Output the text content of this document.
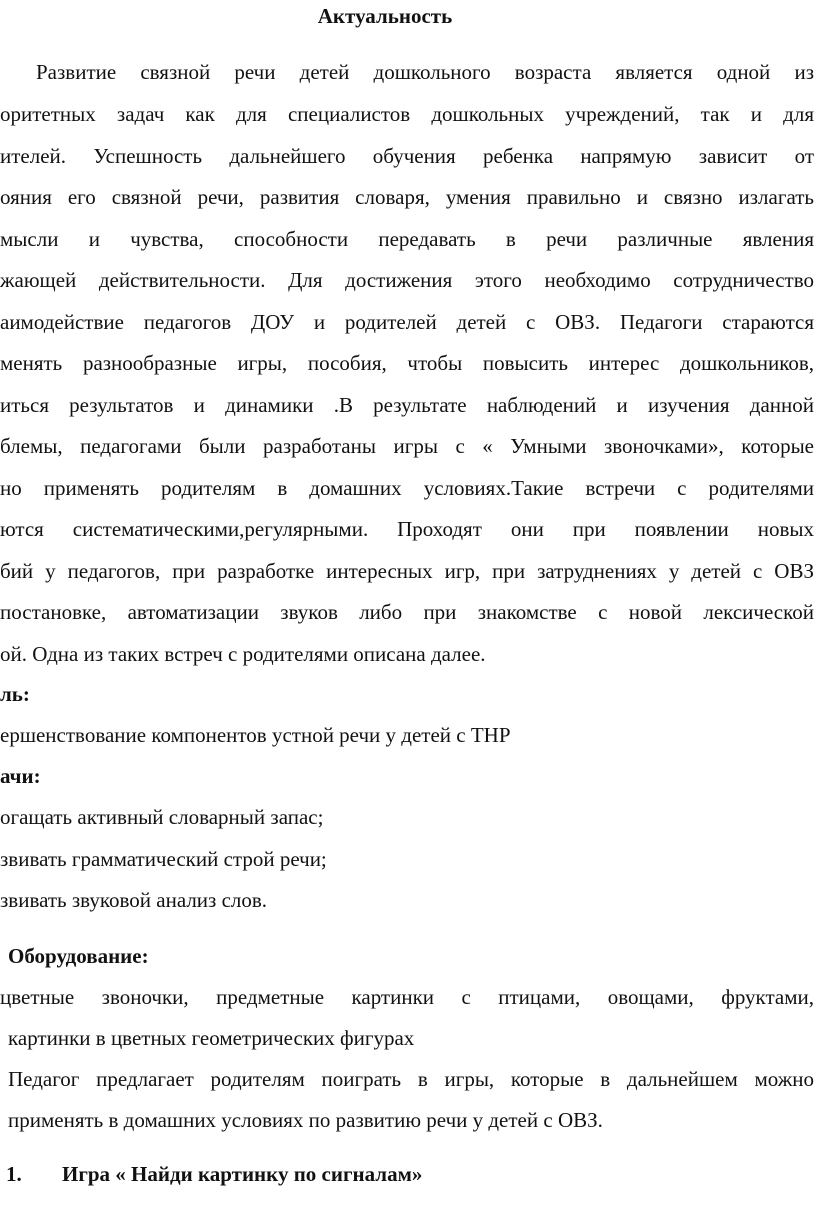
Актуальность
Развитие связной речи детей дошкольного возраста является одной из
оритетных задач как для специалистов дошкольных учреждений, так и для
ителей. Успешность дальнейшего обучения ребенка напрямую зависит от
ояния его связной речи, развития словаря, умения правильно и связно излагать
мысли и чувства, способности передавать в речи различные явления
жающей действительности. Для достижения этого необходимо сотрудничество
аимодействие педагогов ДОУ и родителей детей с ОВЗ. Педагоги стараются
менять разнообразные игры, пособия, чтобы повысить интерес дошкольников,
иться результатов и динамики .В результате наблюдений и изучения данной
блемы, педагогами были разработаны игры с « Умными звоночками», которые
но применять родителям в домашних условиях.Такие встречи с родителями
ются систематическими,регулярными. Проходят они при появлении новых
бий у педагогов, при разработке интересных игр, при затруднениях у детей с ОВЗ
постановке, автоматизации звуков либо при знакомстве с новой лексической
ой. Одна из таких встреч с родителями описана далее.
ль:
ершенствование компонентов устной речи у детей с ТНР
ачи:
огащать активный словарный запас;
звивать грамматический строй речи;
звивать звуковой анализ слов.
Оборудование:
цветные звоночки, предметные картинки с птицами, овощами, фруктами,
картинки в цветных геометрических фигурах
Педагог предлагает родителям поиграть в игры, которые в дальнейшем можно
применять в домашних условиях по развитию речи у детей с ОВЗ.
1. Игра « Найди картинку по сигналам»
